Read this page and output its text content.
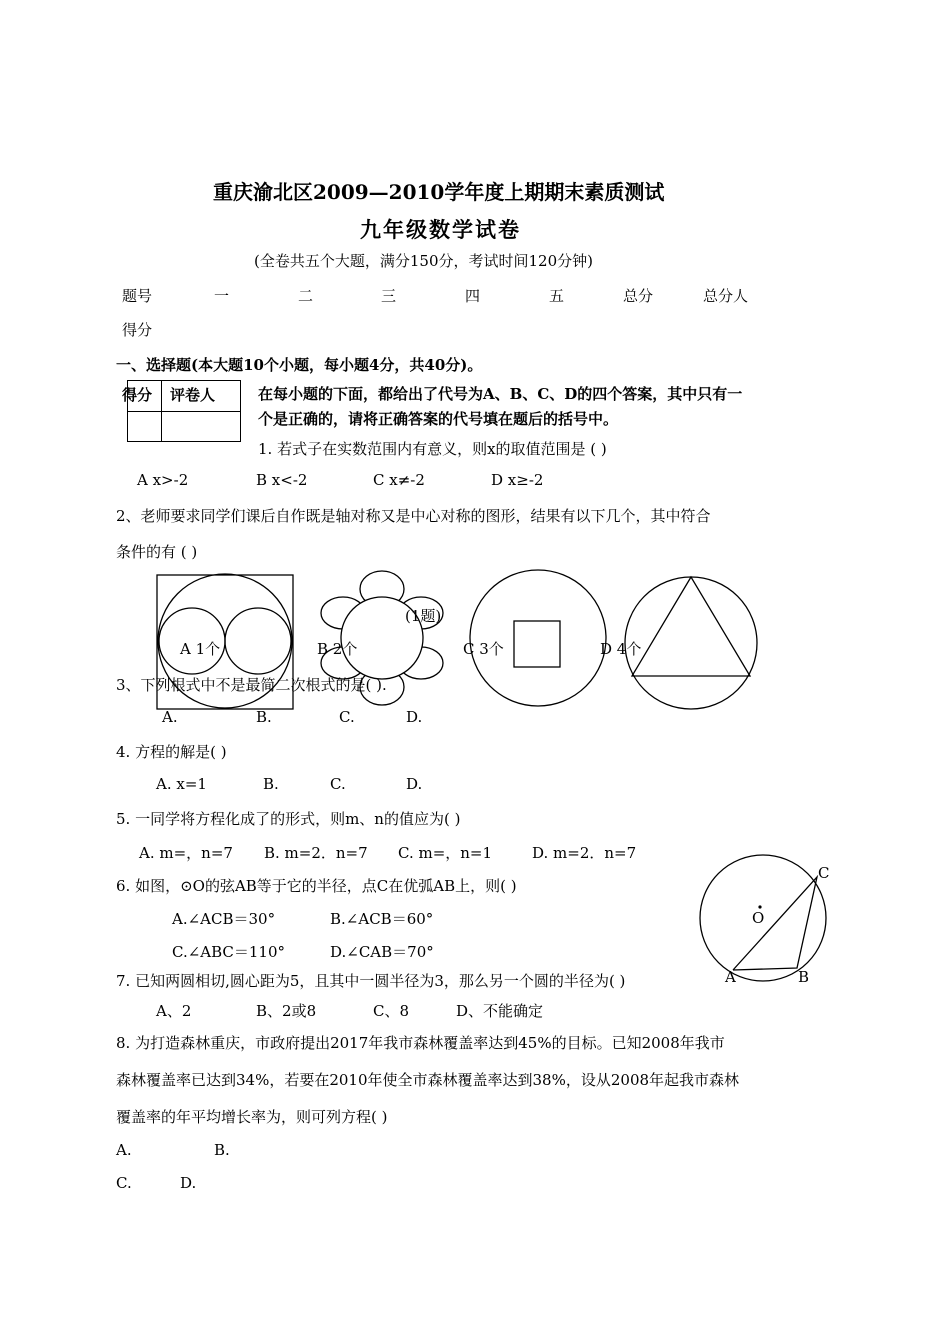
重庆渝北区2009—2010学年度上期期末素质测试
九年级数学试卷
(全卷共五个大题，满分150分，考试时间120分钟)
题号	一	二	三	四	五	总分	总分人
得分
一、选择题(本大题10个小题，每小题4分，共40分)。
得分 评卷人	在每小题的下面，都给出了代号为A、B、C、D的四个答案，其中只有一
个是正确的，请将正确答案的代号填在题后的括号中。
1. 若式子在实数范围内有意义，则x的取值范围是 ( )
A x>-2	B x<-2	C x≠-2	D x≥-2
2、老师要求同学们课后自作既是轴对称又是中心对称的图形，结果有以下几个，其中符合
条件的有 ( )
(1题)
A 1个	B 2个	C 3个	D 4个
3、下列根式中不是最简二次根式的是( ).
A.	B.	C.	D.
4. 方程的解是( )
A. x=1	B.	C.	D.
5. 一同学将方程化成了的形式，则m、n的值应为( )
A. m=，n=7 B. m=2．n=7 C. m=，n=1	D. m=2．n=7
6. 如图，⊙O的弦AB等于它的半径，点C在优弧AB上，则( )
A.∠ACB＝30°	B.∠ACB＝60°
C.∠ABC＝110°	D.∠CAB＝70°
O
A	B
C
7. 已知两圆相切,圆心距为5，且其中一圆半径为3，那么另一个圆的半径为( )
A、2	B、2或8	C、8	D、不能确定
8. 为打造森林重庆，市政府提出2017年我市森林覆盖率达到45%的目标。已知2008年我市
森林覆盖率已达到34%，若要在2010年使全市森林覆盖率达到38%，设从2008年起我市森林
覆盖率的年平均增长率为，则可列方程( )
A.	B.
C.	D.
